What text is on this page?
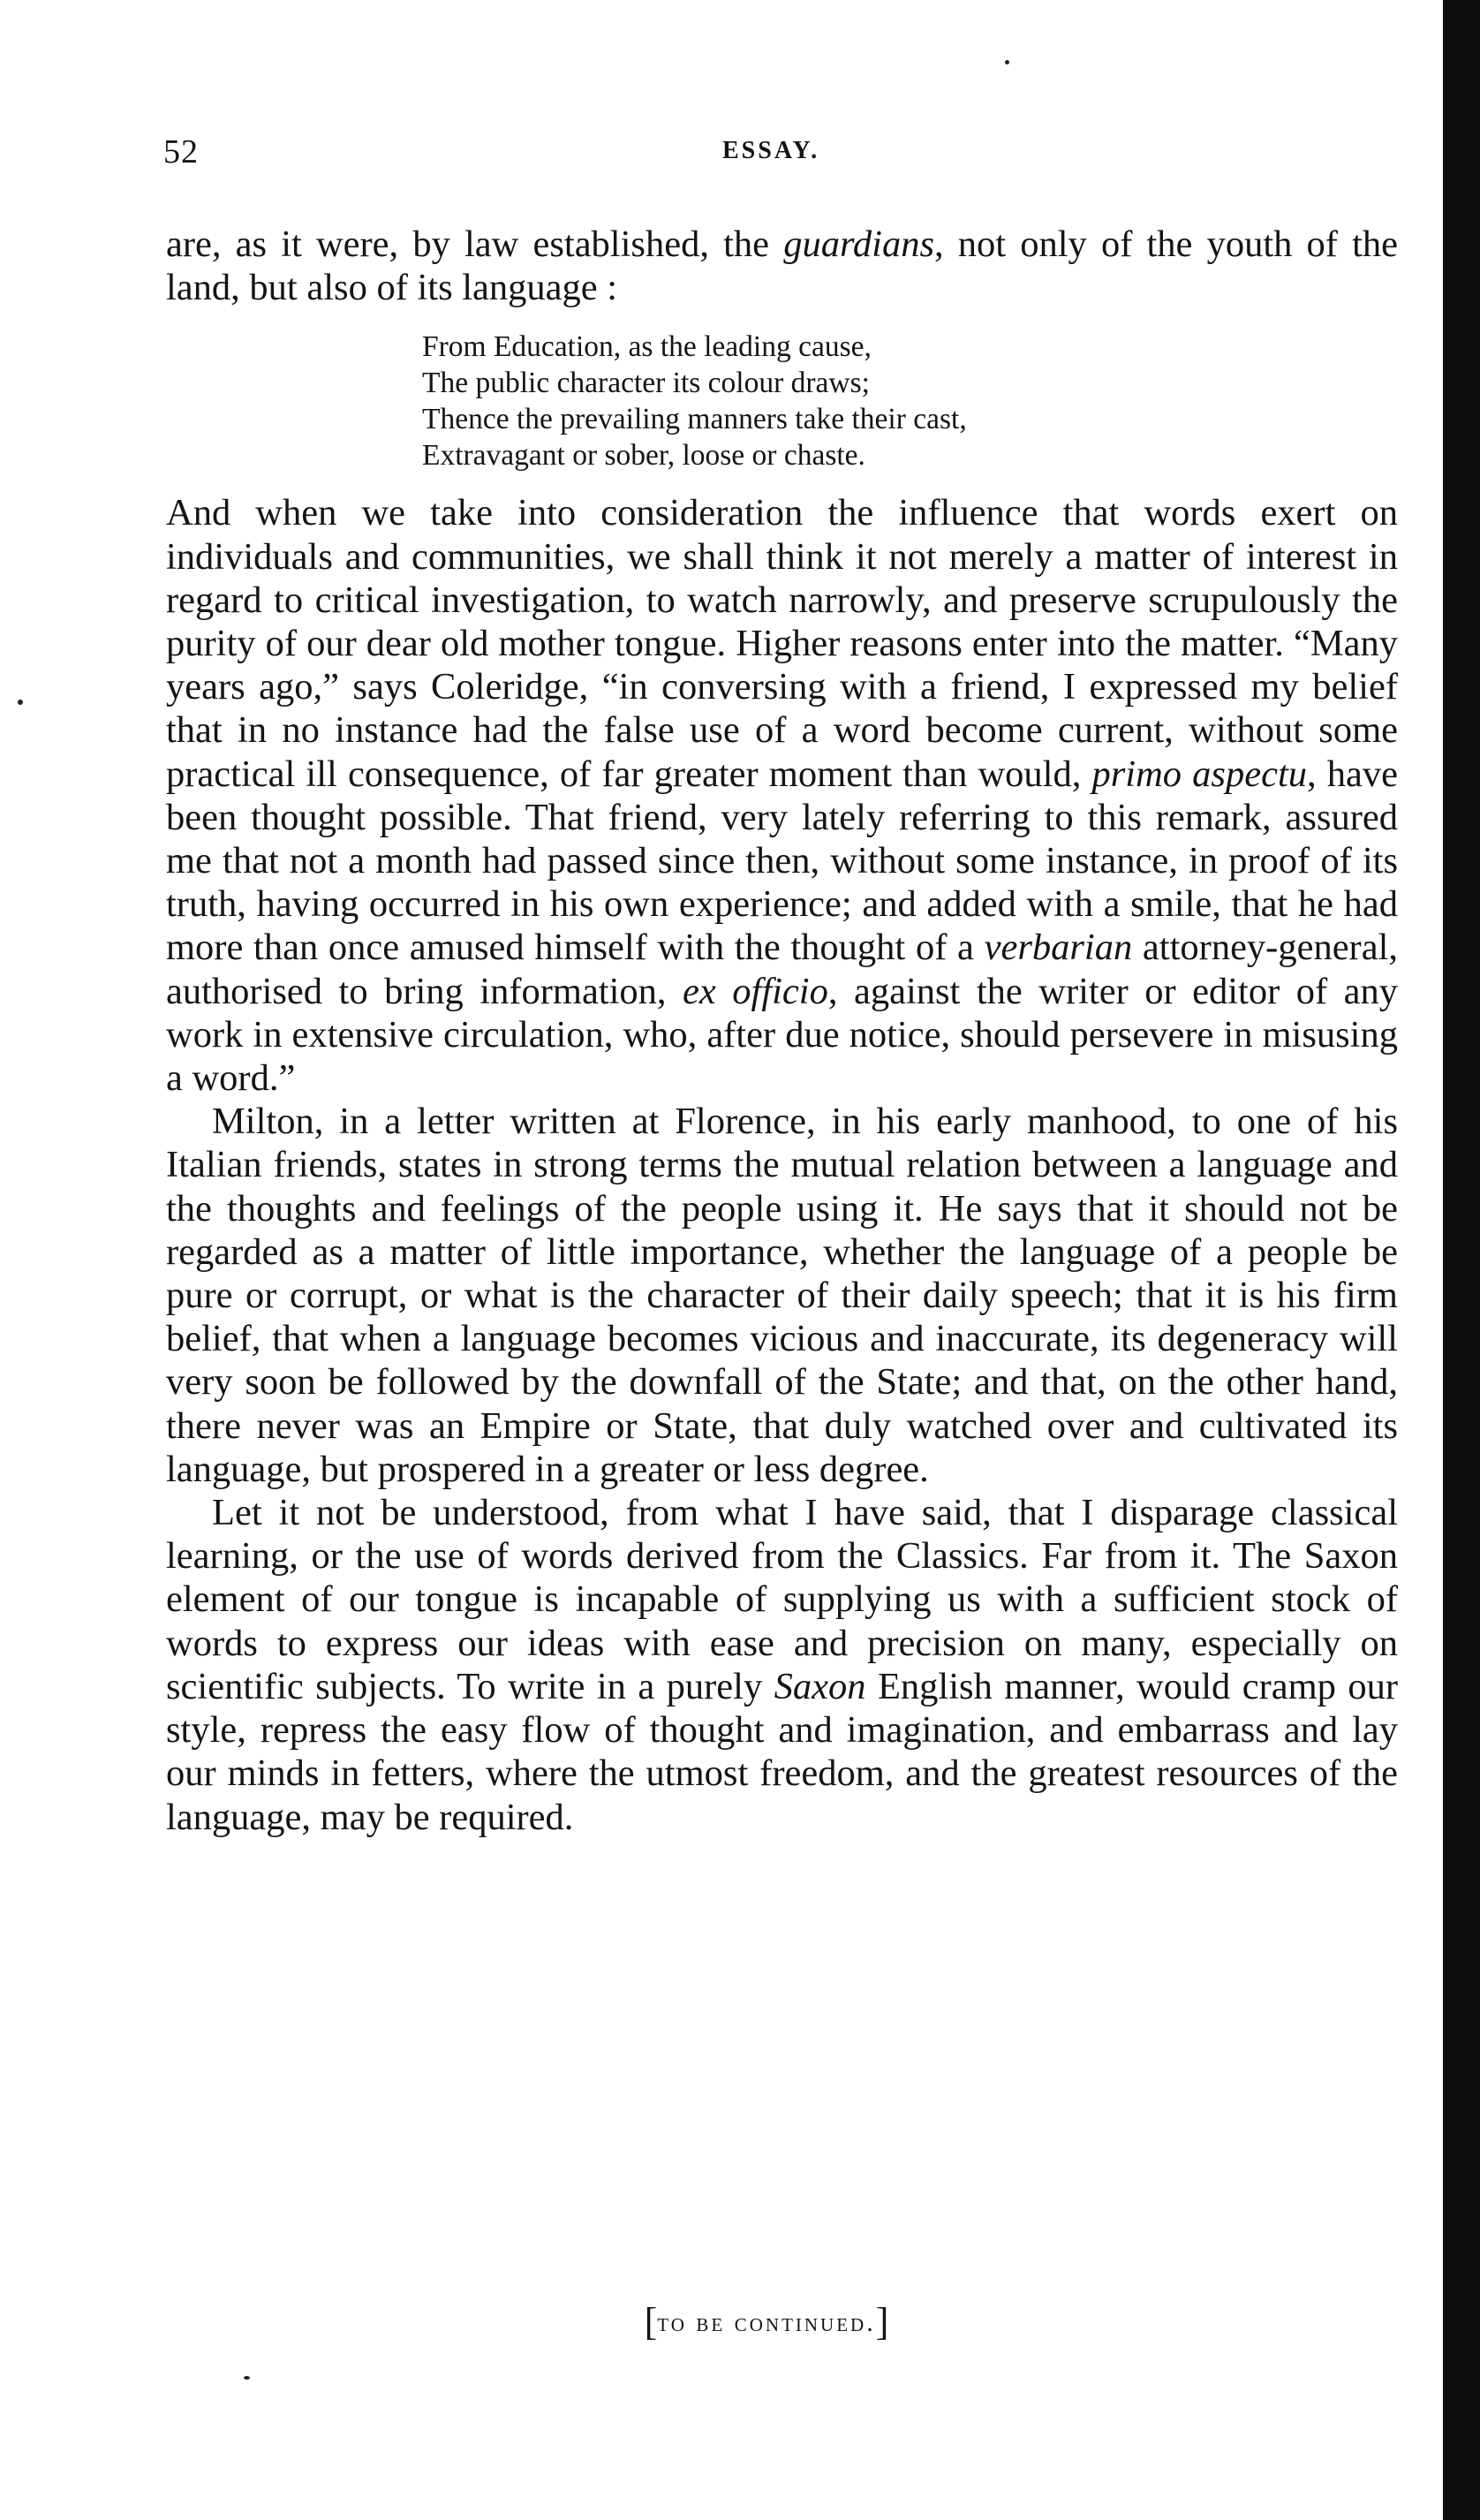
52	ESSAY.

are, as it were, by law established, the guardians, not only of the youth of the land, but also of its language :

From Education, as the leading cause,
The public character its colour draws;
Thence the prevailing manners take their cast,
Extravagant or sober, loose or chaste.

And when we take into consideration the influence that words exert on individuals and communities, we shall think it not merely a matter of interest in regard to critical investigation, to watch narrowly, and preserve scrupulously the purity of our dear old mother tongue. Higher reasons enter into the matter. “Many years ago,” says Coleridge, “in conversing with a friend, I expressed my belief that in no instance had the false use of a word become current, without some practical ill consequence, of far greater moment than would, primo aspectu, have been thought possible. That friend, very lately referring to this remark, assured me that not a month had passed since then, without some instance, in proof of its truth, having occurred in his own experience; and added with a smile, that he had more than once amused himself with the thought of a verbarian attorney-general, authorised to bring information, ex officio, against the writer or editor of any work in extensive circulation, who, after due notice, should persevere in misusing a word.”

Milton, in a letter written at Florence, in his early manhood, to one of his Italian friends, states in strong terms the mutual relation between a language and the thoughts and feelings of the people using it. He says that it should not be regarded as a matter of little importance, whether the language of a people be pure or corrupt, or what is the character of their daily speech; that it is his firm belief, that when a language becomes vicious and inaccurate, its degeneracy will very soon be followed by the downfall of the State; and that, on the other hand, there never was an Empire or State, that duly watched over and cultivated its language, but prospered in a greater or less degree.

Let it not be understood, from what I have said, that I disparage classical learning, or the use of words derived from the Classics. Far from it. The Saxon element of our tongue is incapable of supplying us with a sufficient stock of words to express our ideas with ease and precision on many, especially on scientific subjects. To write in a purely Saxon English manner, would cramp our style, repress the easy flow of thought and imagination, and embarrass and lay our minds in fetters, where the utmost freedom, and the greatest resources of the language, may be required.

[to be continued.]
